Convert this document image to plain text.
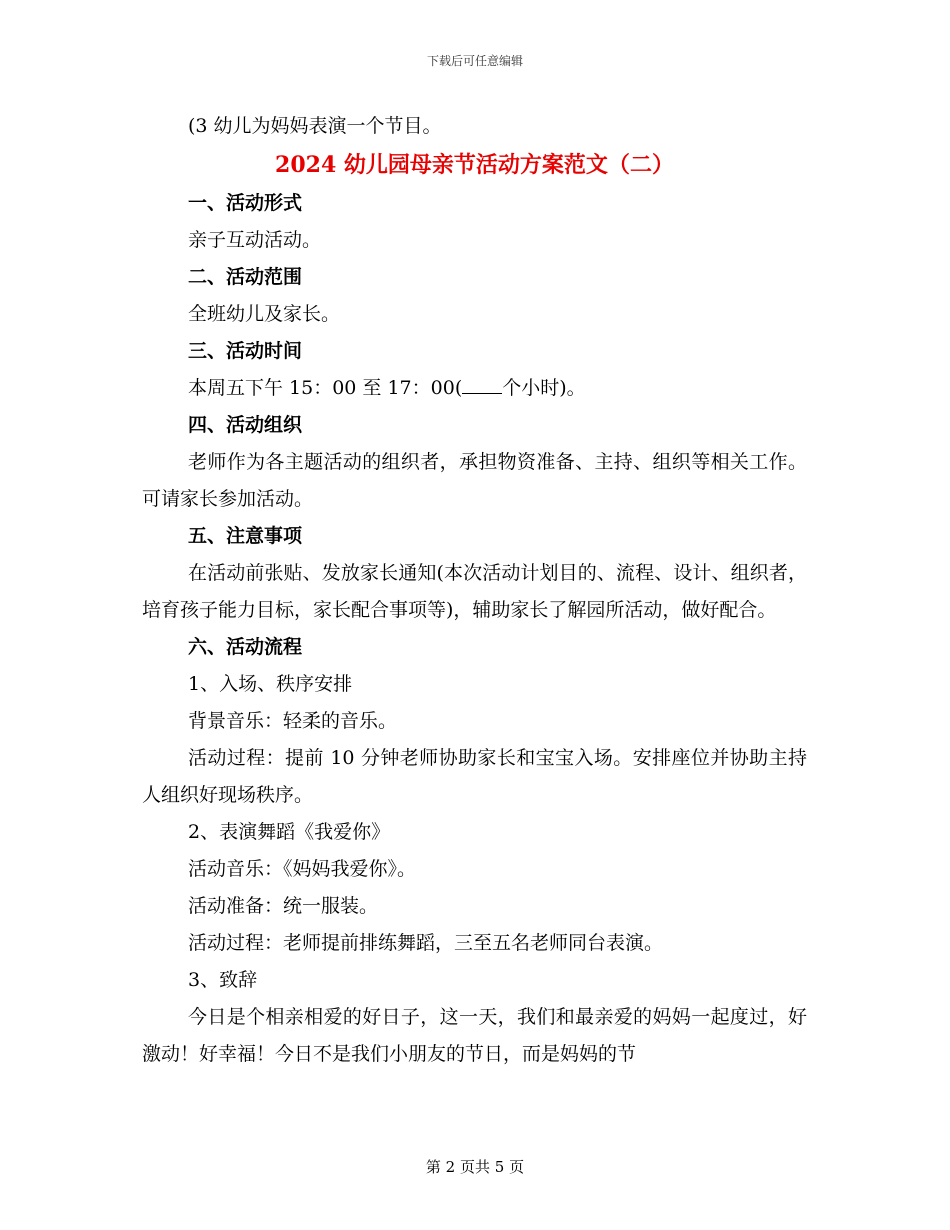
下载后可任意编辑
(3 幼儿为妈妈表演一个节目。
2024 幼儿园母亲节活动方案范文（二）
一、活动形式
亲子互动活动。
二、活动范围
全班幼儿及家长。
三、活动时间
本周五下午 15：00 至 17：00( 个小时)。
四、活动组织
老师作为各主题活动的组织者，承担物资准备、主持、组织等相关工作。可请家长参加活动。
五、注意事项
在活动前张贴、发放家长通知(本次活动计划目的、流程、设计、组织者，培育孩子能力目标，家长配合事项等)，辅助家长了解园所活动，做好配合。
六、活动流程
1、入场、秩序安排
背景音乐：轻柔的音乐。
活动过程：提前 10 分钟老师协助家长和宝宝入场。安排座位并协助主持人组织好现场秩序。
2、表演舞蹈《我爱你》
活动音乐：《妈妈我爱你》。
活动准备：统一服装。
活动过程：老师提前排练舞蹈，三至五名老师同台表演。
3、致辞
今日是个相亲相爱的好日子，这一天，我们和最亲爱的妈妈一起度过，好激动！好幸福！今日不是我们小朋友的节日，而是妈妈的节
第 2 页共 5 页
